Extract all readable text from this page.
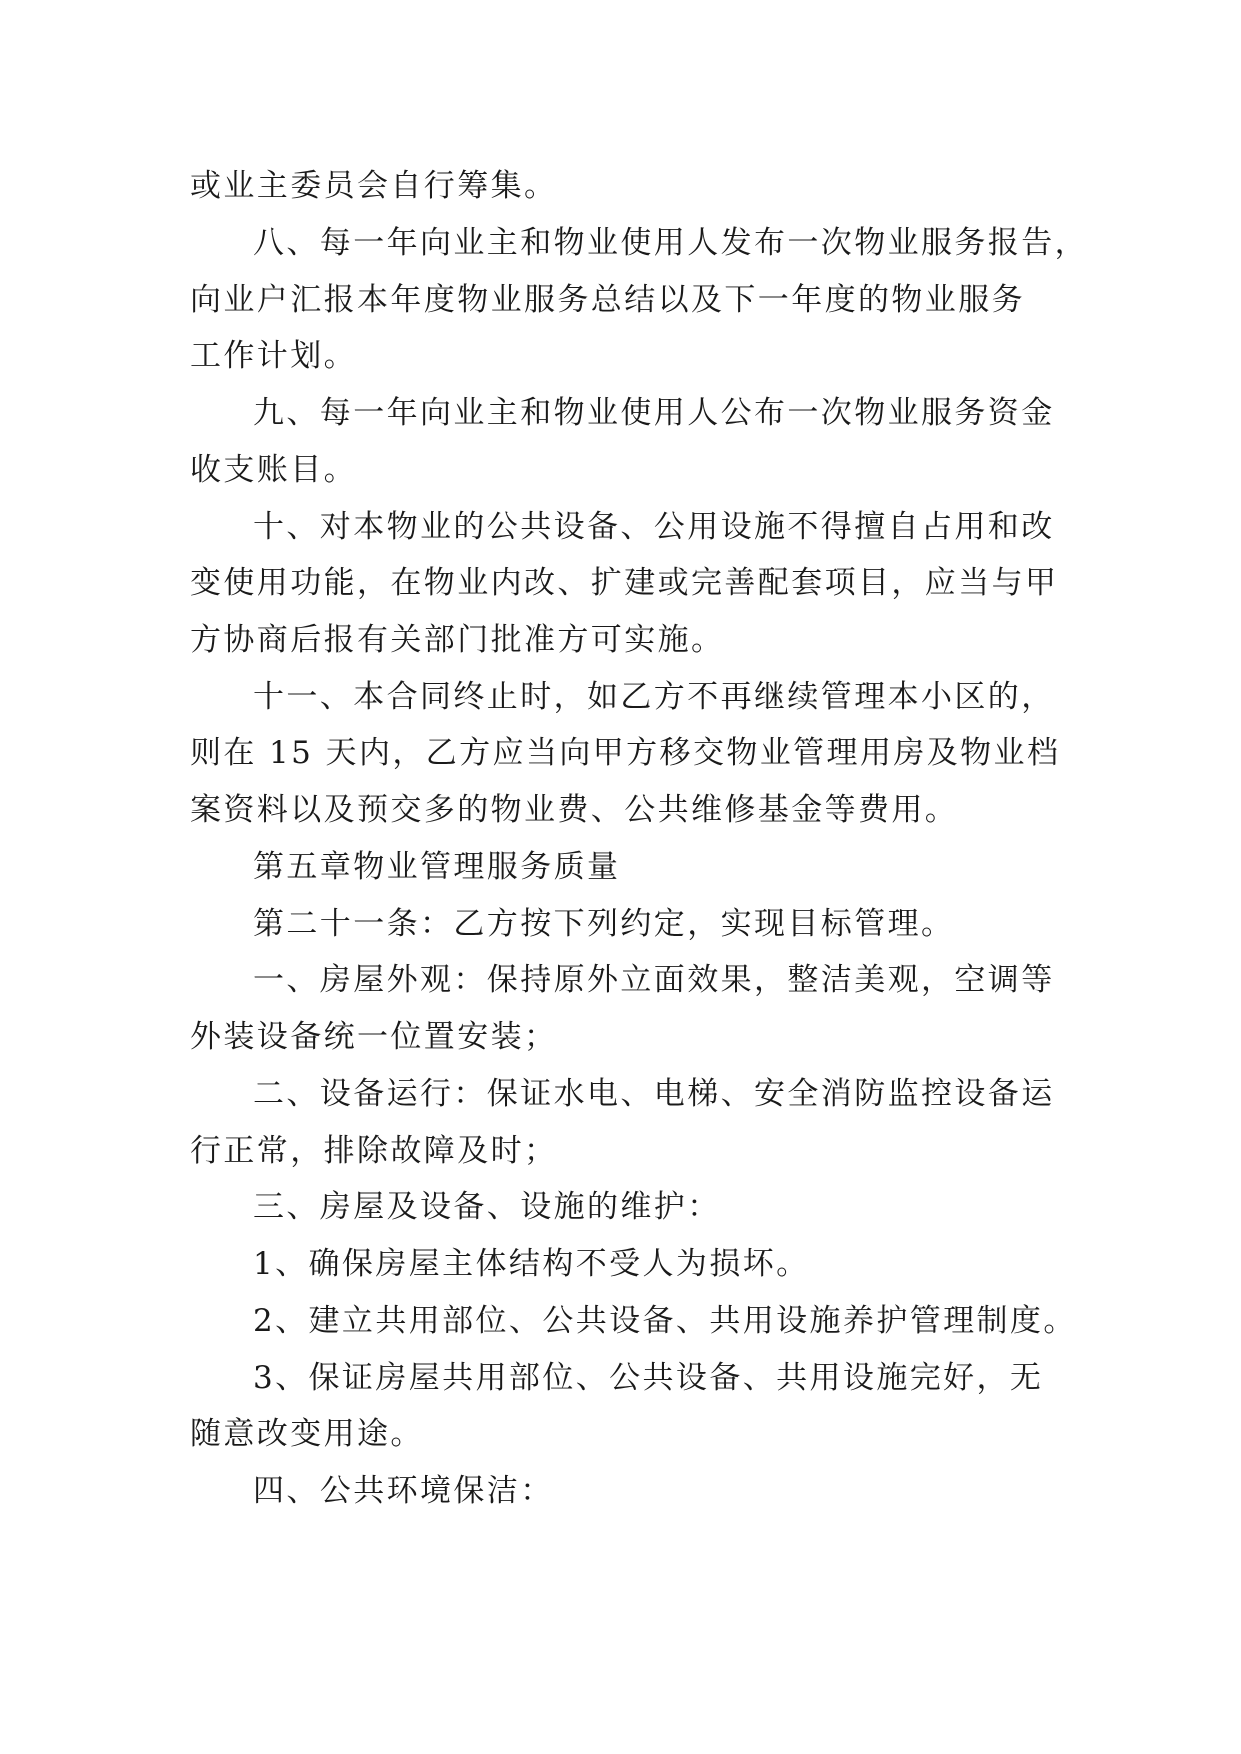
或业主委员会自行筹集。

八、每一年向业主和物业使用人发布一次物业服务报告，

向业户汇报本年度物业服务总结以及下一年度的物业服务

工作计划。

九、每一年向业主和物业使用人公布一次物业服务资金

收支账目。

十、对本物业的公共设备、公用设施不得擅自占用和改

变使用功能，在物业内改、扩建或完善配套项目，应当与甲

方协商后报有关部门批准方可实施。

十一、本合同终止时，如乙方不再继续管理本小区的，

则在 15 天内，乙方应当向甲方移交物业管理用房及物业档

案资料以及预交多的物业费、公共维修基金等费用。

第五章物业管理服务质量

第二十一条：乙方按下列约定，实现目标管理。

一、房屋外观：保持原外立面效果，整洁美观，空调等

外装设备统一位置安装；

二、设备运行：保证水电、电梯、安全消防监控设备运

行正常，排除故障及时；

三、房屋及设备、设施的维护：

1、确保房屋主体结构不受人为损坏。

2、建立共用部位、公共设备、共用设施养护管理制度。

3、保证房屋共用部位、公共设备、共用设施完好，无

随意改变用途。

四、公共环境保洁：
